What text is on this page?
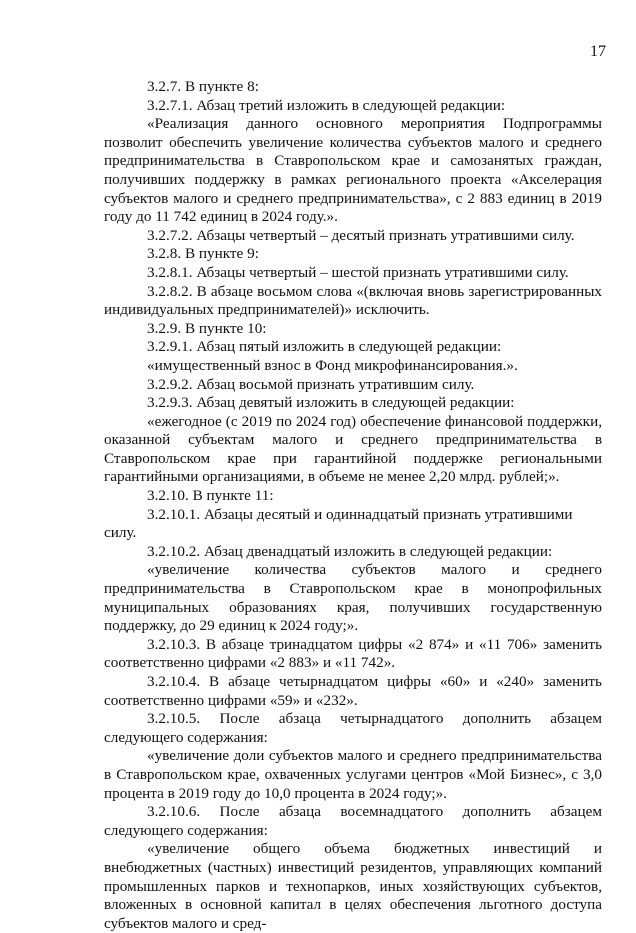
17

3.2.7. В пункте 8:

3.2.7.1. Абзац третий изложить в следующей редакции:

«Реализация данного основного мероприятия Подпрограммы позволит обеспечить увеличение количества субъектов малого и среднего предпринимательства в Ставропольском крае и самозанятых граждан, получивших поддержку в рамках регионального проекта «Акселерация субъектов малого и среднего предпринимательства», с 2 883 единиц в 2019 году до 11 742 единиц в 2024 году.».

3.2.7.2. Абзацы четвертый – десятый признать утратившими силу.

3.2.8. В пункте 9:

3.2.8.1. Абзацы четвертый – шестой признать утратившими силу.

3.2.8.2. В абзаце восьмом слова «(включая вновь зарегистрированных индивидуальных предпринимателей)» исключить.

3.2.9. В пункте 10:

3.2.9.1. Абзац пятый изложить в следующей редакции:

«имущественный взнос в Фонд микрофинансирования.».

3.2.9.2. Абзац восьмой признать утратившим силу.

3.2.9.3. Абзац девятый изложить в следующей редакции:

«ежегодное (с 2019 по 2024 год) обеспечение финансовой поддержки, оказанной субъектам малого и среднего предпринимательства в Ставропольском крае при гарантийной поддержке региональными гарантийными организациями, в объеме не менее 2,20 млрд. рублей;».

3.2.10. В пункте 11:

3.2.10.1. Абзацы десятый и одиннадцатый признать утратившими силу.

3.2.10.2. Абзац двенадцатый изложить в следующей редакции:

«увеличение количества субъектов малого и среднего предпринимательства в Ставропольском крае в монопрофильных муниципальных образованиях края, получивших государственную поддержку, до 29 единиц к 2024 году;».

3.2.10.3. В абзаце тринадцатом цифры «2 874» и «11 706» заменить соответственно цифрами «2 883» и «11 742».

3.2.10.4. В абзаце четырнадцатом цифры «60» и «240» заменить соответственно цифрами «59» и «232».

3.2.10.5. После абзаца четырнадцатого дополнить абзацем следующего содержания:

«увеличение доли субъектов малого и среднего предпринимательства в Ставропольском крае, охваченных услугами центров «Мой Бизнес», с 3,0 процента в 2019 году до 10,0 процента в 2024 году;».

3.2.10.6. После абзаца восемнадцатого дополнить абзацем следующего содержания:

«увеличение общего объема бюджетных инвестиций и внебюджетных (частных) инвестиций резидентов, управляющих компаний промышленных парков и технопарков, иных хозяйствующих субъектов, вложенных в основной капитал в целях обеспечения льготного доступа субъектов малого и сред-
